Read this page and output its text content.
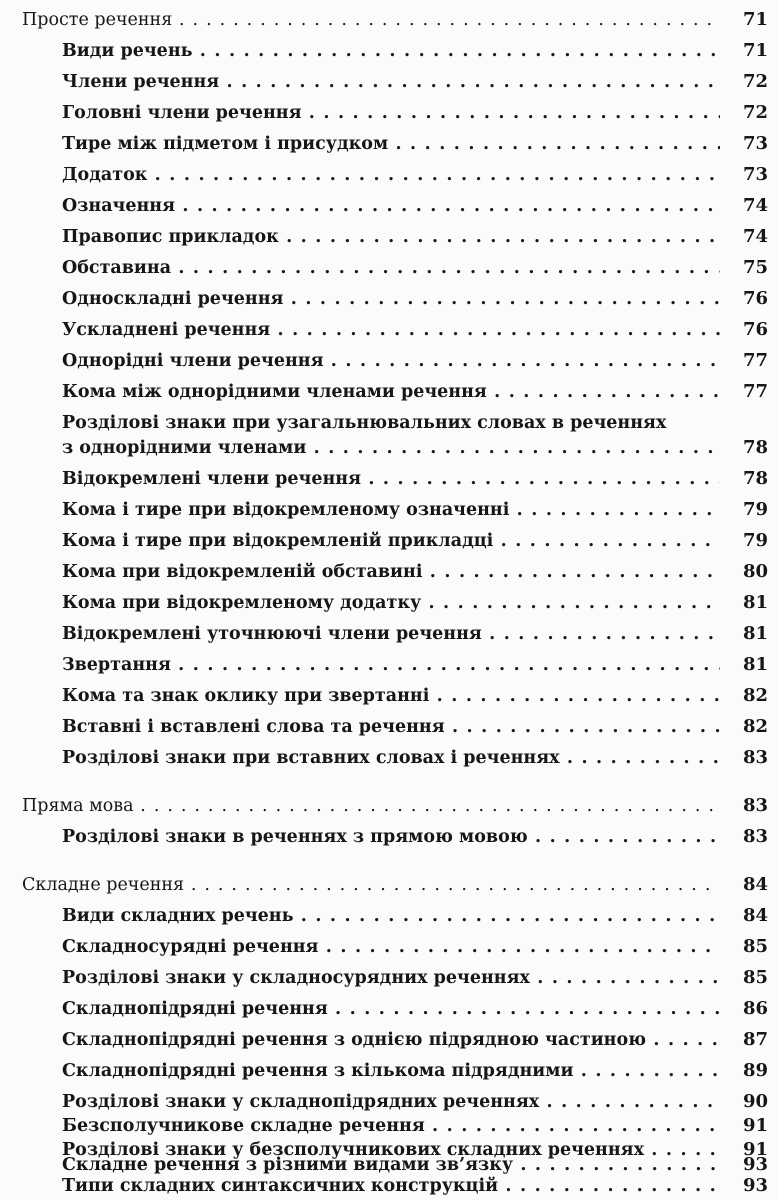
Просте речення . . .	71
Види речень . . .	71
Члени речення . . .	72
Головні члени речення . . .	72
Тире між підметом і присудком . . .	73
Додаток . . .	73
Означення . . .	74
Правопис прикладок . . .	74
Обставина . . .	75
Односкладні речення . . .	76
Ускладнені речення . . .	76
Однорідні члени речення . . .	77
Кома між однорідними членами речення . . .	77
Розділові знаки при узагальнювальних словах в реченнях
з однорідними членами . . .	78
Відокремлені члени речення . . .	78
Кома і тире при відокремленому означенні . . .	79
Кома і тире при відокремленій прикладці . . .	79
Кома при відокремленій обставині . . .	80
Кома при відокремленому додатку . . .	81
Відокремлені уточнюючі члени речення . . .	81
Звертання . . .	81
Кома та знак оклику при звертанні . . .	82
Вставні і вставлені слова та речення . . .	82
Розділові знаки при вставних словах і реченнях . . .	83
Пряма мова . . .	83
Розділові знаки в реченнях з прямою мовою . . .	83
Складне речення . . .	84
Види складних речень . . .	84
Складносурядні речення . . .	85
Розділові знаки у складносурядних реченнях . . .	85
Складнопідрядні речення . . .	86
Складнопідрядні речення з однією підрядною частиною . . .	87
Складнопідрядні речення з кількома підрядними . . .	89
Розділові знаки у складнопідрядних реченнях . . .	90
Безсполучникове складне речення . . .	91
Розділові знаки у безсполучникових складних реченнях . . .	91
Складне речення з різними видами зв’язку . . .	93
Типи складних синтаксичних конструкцій . . .	93
